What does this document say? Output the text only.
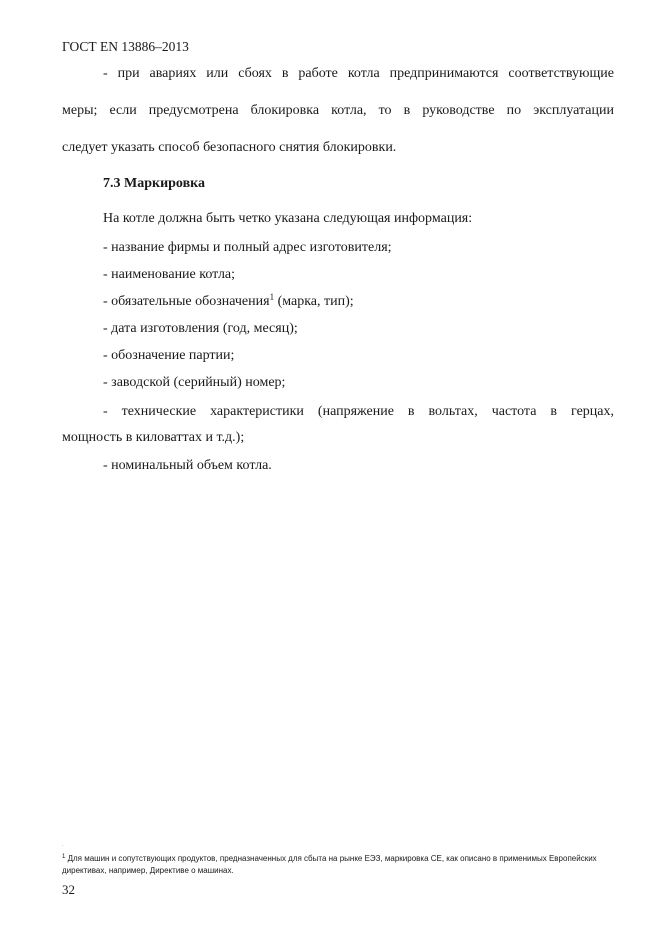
ГОСТ EN 13886–2013
- при авариях или сбоях в работе котла предпринимаются соответствующие
меры; если предусмотрена блокировка котла, то в руководстве по эксплуатации
следует указать способ безопасного снятия блокировки.
7.3 Маркировка
На котле должна быть четко указана следующая информация:
- название фирмы и полный адрес изготовителя;
- наименование котла;
- обязательные обозначения$^1$ (марка, тип);
- дата изготовления (год, месяц);
- обозначение партии;
- заводской (серийный) номер;
- технические характеристики (напряжение в вольтах, частота в герцах,
мощность в киловаттах и т.д.);
- номинальный объем котла.
.
$^1$ Для машин и сопутствующих продуктов, предназначенных для сбыта на рынке ЕЭЗ, маркировка СЕ, как описано в применимых Европейских директивах, например, Директиве о машинах.
32
